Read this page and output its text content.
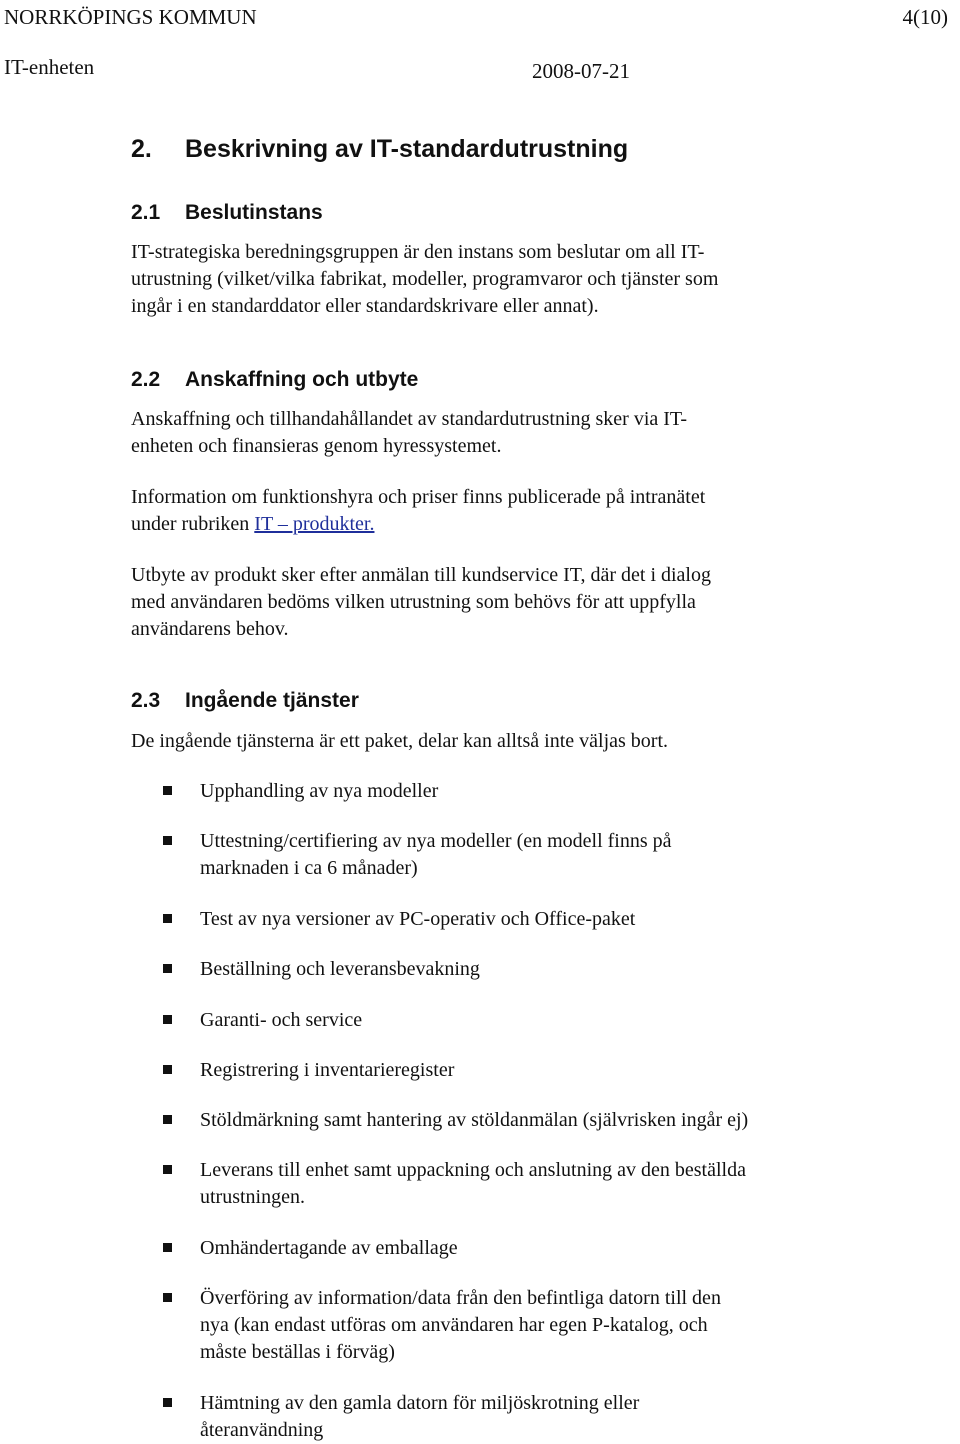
NORRKÖPINGS KOMMUN	4(10)
IT-enheten	2008-07-21
2. Beskrivning av IT-standardutrustning
2.1 Beslutinstans
IT-strategiska beredningsgruppen är den instans som beslutar om all IT-
utrustning (vilket/vilka fabrikat, modeller, programvaror och tjänster som
ingår i en standarddator eller standardskrivare eller annat).
2.2 Anskaffning och utbyte
Anskaffning och tillhandahållandet av standardutrustning sker via IT-
enheten och finansieras genom hyressystemet.
Information om funktionshyra och priser finns publicerade på intranätet
under rubriken IT – produkter.
Utbyte av produkt sker efter anmälan till kundservice IT, där det i dialog
med användaren bedöms vilken utrustning som behövs för att uppfylla
användarens behov.
2.3 Ingående tjänster
De ingående tjänsterna är ett paket, delar kan alltså inte väljas bort.
Upphandling av nya modeller
Uttestning/certifiering av nya modeller (en modell finns på
marknaden i ca 6 månader)
Test av nya versioner av PC-operativ och Office-paket
Beställning och leveransbevakning
Garanti- och service
Registrering i inventarieregister
Stöldmärkning samt hantering av stöldanmälan (självrisken ingår ej)
Leverans till enhet samt uppackning och anslutning av den beställda
utrustningen.
Omhändertagande av emballage
Överföring av information/data från den befintliga datorn till den
nya (kan endast utföras om användaren har egen P-katalog, och
måste beställas i förväg)
Hämtning av den gamla datorn för miljöskrotning eller
återanvändning
